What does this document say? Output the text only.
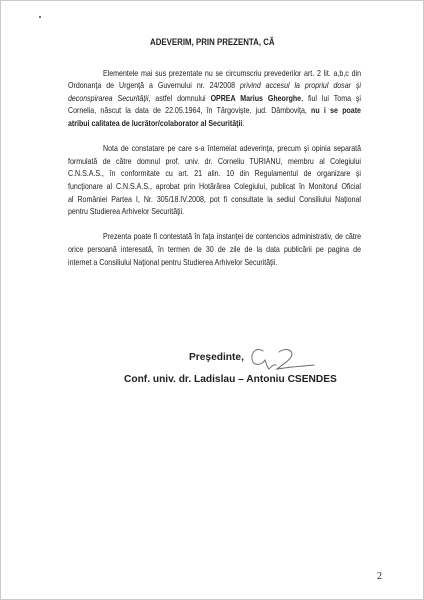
ADEVERIM, PRIN PREZENTA, CĂ
Elementele mai sus prezentate nu se circumscriu prevederilor art. 2 lit. a,b,c din
Ordonanţa de Urgenţă a Guvernului nr. 24/2008 privind accesul la propriul dosar şi
deconspirarea Securităţii, astfel domnului OPREA Marius Gheorghe, fiul lui Toma şi
Cornelia, născut la data de 22.05.1964, în Târgovişte, jud. Dâmboviţa, nu i se poate
atribui calitatea de lucrător/colaborator al Securităţii.
Nota de constatare pe care s-a întemeiat adeverinţa, precum şi opinia separată
formulată de către domnul prof. univ. dr. Corneliu TURIANU, membru al Colegiului
C.N.S.A.S., în conformitate cu art. 21 alin. 10 din Regulamentul de organizare şi
funcţionare al C.N.S.A.S., aprobat prin Hotărârea Colegiului, publicat în Monitorul Oficial
al României Partea I, Nr. 305/18.IV.2008, pot fi consultate la sediul Consiliului Naţional
pentru Studierea Arhivelor Securităţii.
Prezenta poate fi contestată în faţa instanţei de contencios administrativ, de către
orice persoană interesată, în termen de 30 de zile de la data publicării pe pagina de
internet a Consiliului Naţional pentru Studierea Arhivelor Securităţii.
Preşedinte,
Conf. univ. dr. Ladislau – Antoniu CSENDES
2
